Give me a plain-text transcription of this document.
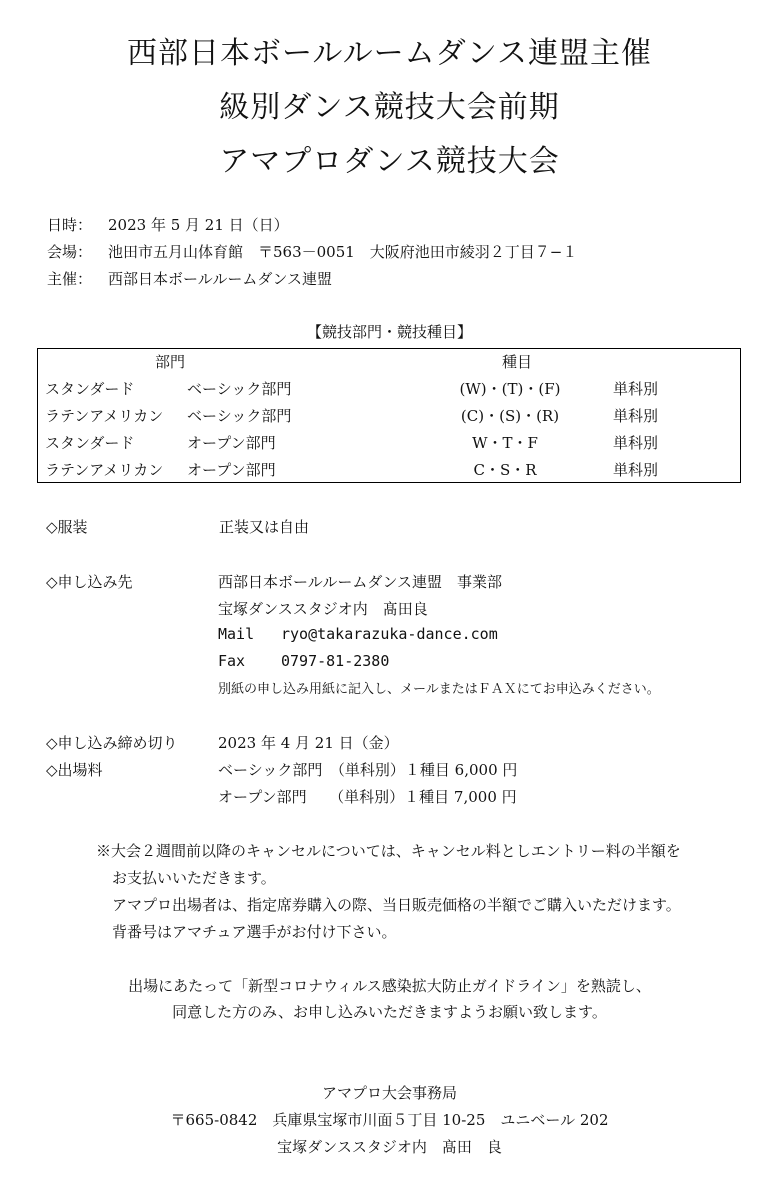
西部日本ボールルームダンス連盟主催
級別ダンス競技大会前期
アマプロダンス競技大会
日時： 2023 年 5 月 21 日（日）
会場： 池田市五月山体育館　〒563－0051　大阪府池田市綾羽２丁目７−１
主催： 西部日本ボールルームダンス連盟
【競技部門・競技種目】
部門	種目
スタンダード	ベーシック部門	(W)・(T)・(F)	単科別
ラテンアメリカン ベーシック部門	(C)・(S)・(R)	単科別
スタンダード	オープン部門	W・T・F	単科別
ラテンアメリカン オープン部門	C・S・R	単科別
◇服装	正装又は自由
◇申し込み先	西部日本ボールルームダンス連盟　事業部
宝塚ダンススタジオ内　髙田良
Mail ryo@takarazuka-dance.com
Fax 0797-81-2380
別紙の申し込み用紙に記入し、メールまたはＦＡＸにてお申込みください。
◇申し込み締め切り	2023 年 4 月 21 日（金）
◇出場料	ベーシック部門　（単科別）１種目 6,000 円
オープン部門　　（単科別）１種目 7,000 円
※大会２週間前以降のキャンセルについては、キャンセル料としエントリー料の半額を
お支払いいただきます。
アマプロ出場者は、指定席券購入の際、当日販売価格の半額でご購入いただけます。
背番号はアマチュア選手がお付け下さい。
出場にあたって「新型コロナウィルス感染拡大防止ガイドライン」を熟読し、
同意した方のみ、お申し込みいただきますようお願い致します。
アマプロ大会事務局
〒665-0842　兵庫県宝塚市川面５丁目 10-25　ユニベール 202
宝塚ダンススタジオ内　髙田　良
